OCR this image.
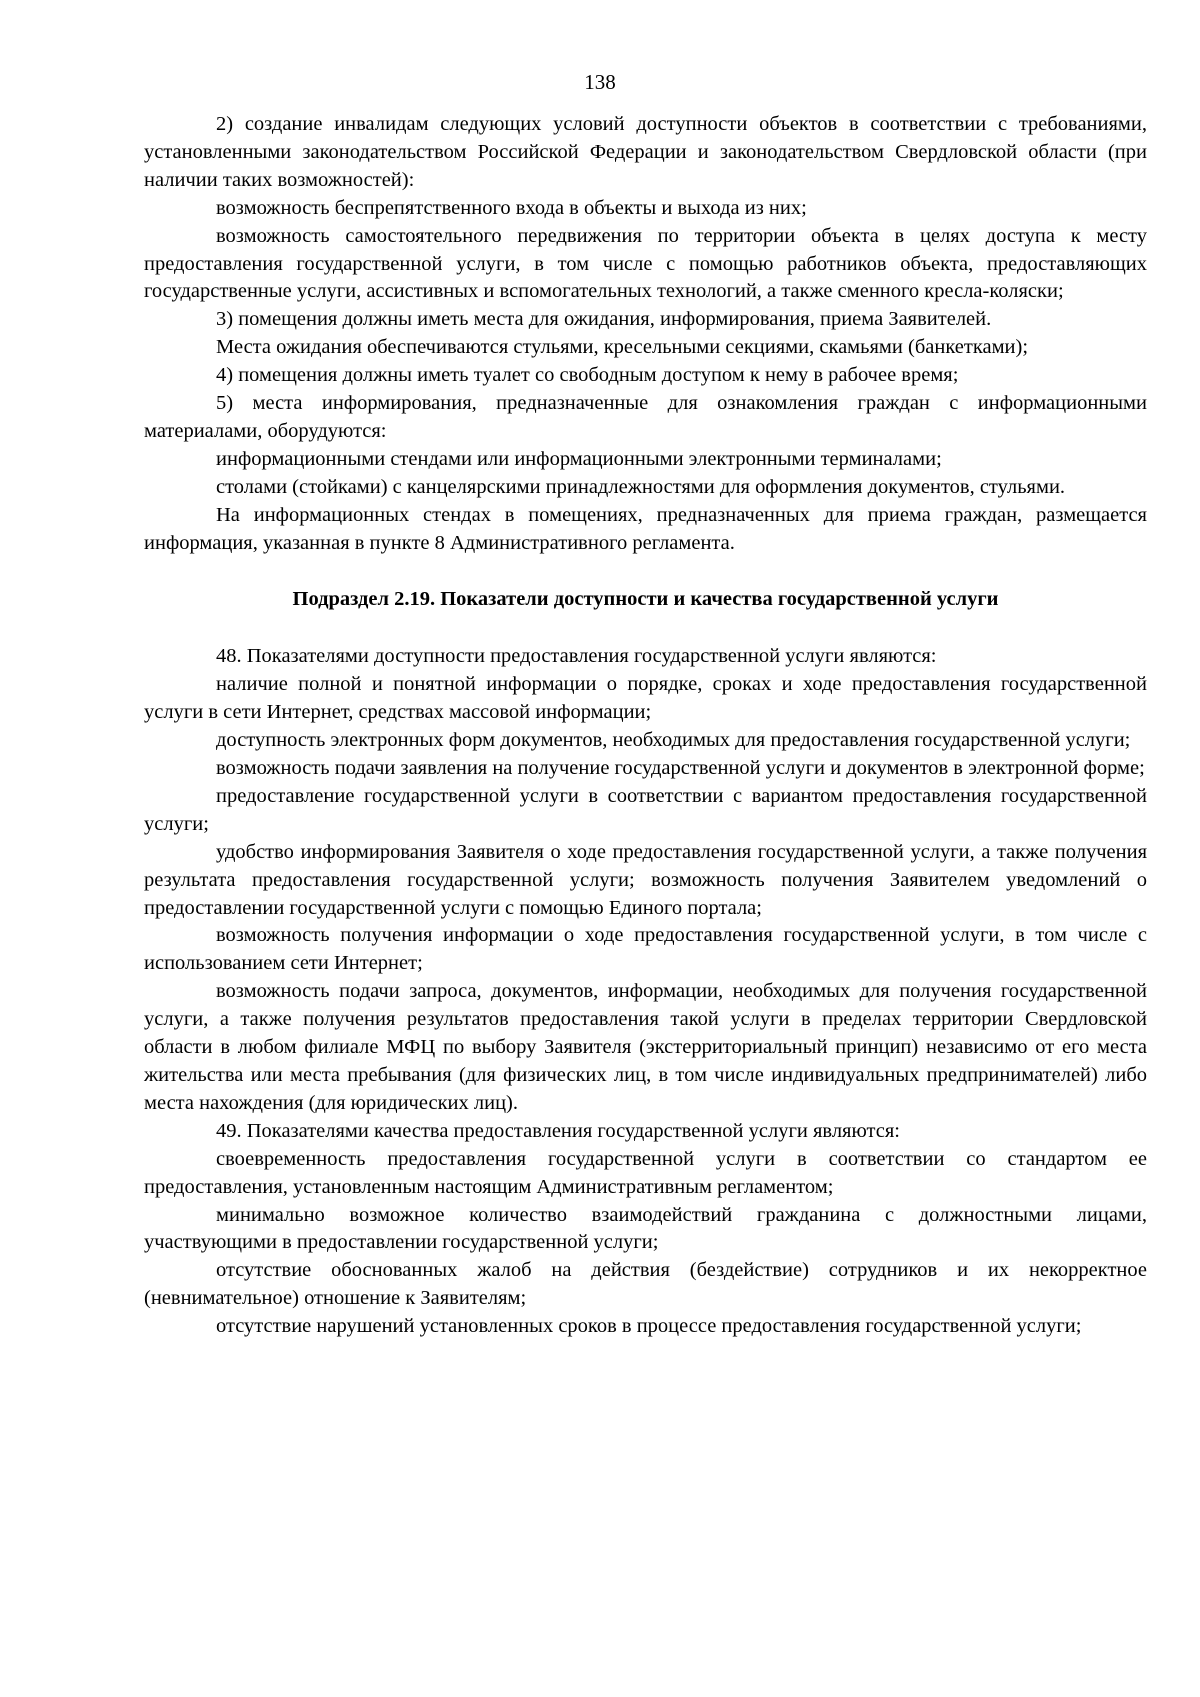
138

2) создание инвалидам следующих условий доступности объектов в соответствии с требованиями, установленными законодательством Российской Федерации и законодательством Свердловской области (при наличии таких возможностей):

возможность беспрепятственного входа в объекты и выхода из них;

возможность самостоятельного передвижения по территории объекта в целях доступа к месту предоставления государственной услуги, в том числе с помощью работников объекта, предоставляющих государственные услуги, ассистивных и вспомогательных технологий, а также сменного кресла-коляски;

3) помещения должны иметь места для ожидания, информирования, приема Заявителей.

Места ожидания обеспечиваются стульями, кресельными секциями, скамьями (банкетками);

4) помещения должны иметь туалет со свободным доступом к нему в рабочее время;

5) места информирования, предназначенные для ознакомления граждан с информационными материалами, оборудуются:

информационными стендами или информационными электронными терминалами;

столами (стойками) с канцелярскими принадлежностями для оформления документов, стульями.

На информационных стендах в помещениях, предназначенных для приема граждан, размещается информация, указанная в пункте 8 Административного регламента.

Подраздел 2.19. Показатели доступности и качества государственной услуги

48. Показателями доступности предоставления государственной услуги являются:

наличие полной и понятной информации о порядке, сроках и ходе предоставления государственной услуги в сети Интернет, средствах массовой информации;

доступность электронных форм документов, необходимых для предоставления государственной услуги;

возможность подачи заявления на получение государственной услуги и документов в электронной форме;

предоставление государственной услуги в соответствии с вариантом предоставления государственной услуги;

удобство информирования Заявителя о ходе предоставления государственной услуги, а также получения результата предоставления государственной услуги; возможность получения Заявителем уведомлений о предоставлении государственной услуги с помощью Единого портала;

возможность получения информации о ходе предоставления государственной услуги, в том числе с использованием сети Интернет;

возможность подачи запроса, документов, информации, необходимых для получения государственной услуги, а также получения результатов предоставления такой услуги в пределах территории Свердловской области в любом филиале МФЦ по выбору Заявителя (экстерриториальный принцип) независимо от его места жительства или места пребывания (для физических лиц, в том числе индивидуальных предпринимателей) либо места нахождения (для юридических лиц).

49. Показателями качества предоставления государственной услуги являются:

своевременность предоставления государственной услуги в соответствии со стандартом ее предоставления, установленным настоящим Административным регламентом;

минимально возможное количество взаимодействий гражданина с должностными лицами, участвующими в предоставлении государственной услуги;

отсутствие обоснованных жалоб на действия (бездействие) сотрудников и их некорректное (невнимательное) отношение к Заявителям;

отсутствие нарушений установленных сроков в процессе предоставления государственной услуги;
